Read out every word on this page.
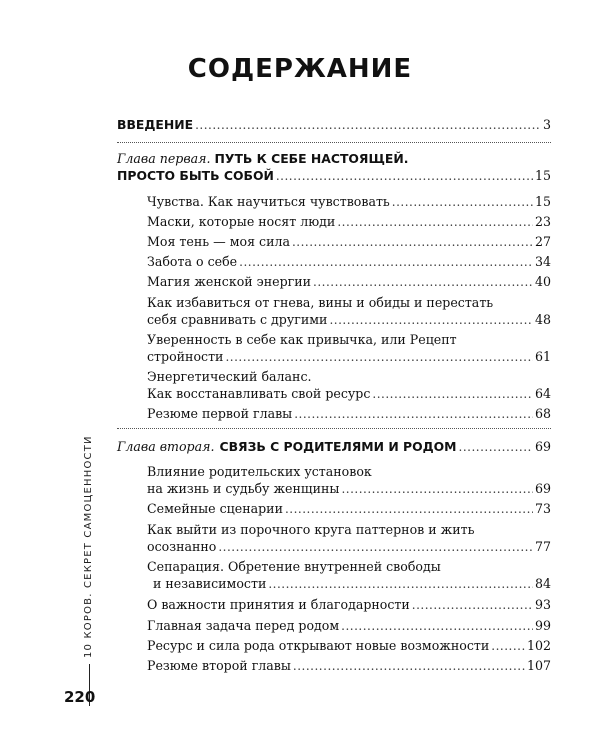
СОДЕРЖАНИЕ
ВВЕДЕНИЕ .....	3
Глава первая. ПУТЬ К СЕБЕ НАСТОЯЩЕЙ.
ПРОСТО БЫТЬ СОБОЙ .....	15
Чувства. Как научиться чувствовать .....	15
Маски, которые носят люди .....	23
Моя тень — моя сила .....	27
Забота о себе .....	34
Магия женской энергии .....	40
Как избавиться от гнева, вины и обиды и перестать
себя сравнивать с другими .....	48
Уверенность в себе как привычка, или Рецепт
стройности .....	61
Энергетический баланс.
Как восстанавливать свой ресурс .....	64
Резюме первой главы .....	68
Глава вторая. СВЯЗЬ С РОДИТЕЛЯМИ И РОДОМ .....	69
Влияние родительских установок
на жизнь и судьбу женщины .....	69
Семейные сценарии .....	73
Как выйти из порочного круга паттернов и жить
осознанно .....	77
Сепарация. Обретение внутренней свободы
и независимости .....	84
О важности принятия и благодарности .....	93
Главная задача перед родом .....	99
Ресурс и сила рода открывают новые возможности .....	102
Резюме второй главы .....	107
10 КОРОВ. СЕКРЕТ САМОЦЕННОСТИ
220
